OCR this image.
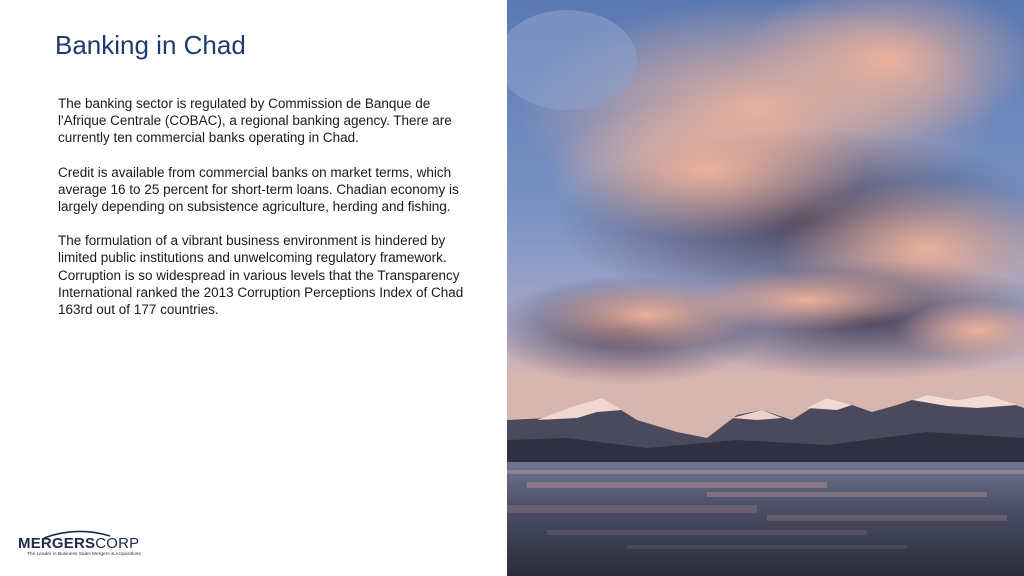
Banking in Chad

The banking sector is regulated by Commission de Banque de l'Afrique Centrale (COBAC), a regional banking agency. There are currently ten commercial banks operating in Chad.

Credit is available from commercial banks on market terms, which average 16 to 25 percent for short-term loans. Chadian economy is largely depending on subsistence agriculture, herding and fishing.

The formulation of a vibrant business environment is hindered by limited public institutions and unwelcoming regulatory framework. Corruption is so widespread in various levels that the Transparency International ranked the 2013 Corruption Perceptions Index of Chad 163rd out of 177 countries.

MERGERSCORP
The Leader in Business Sales Mergers & Acquisitions
